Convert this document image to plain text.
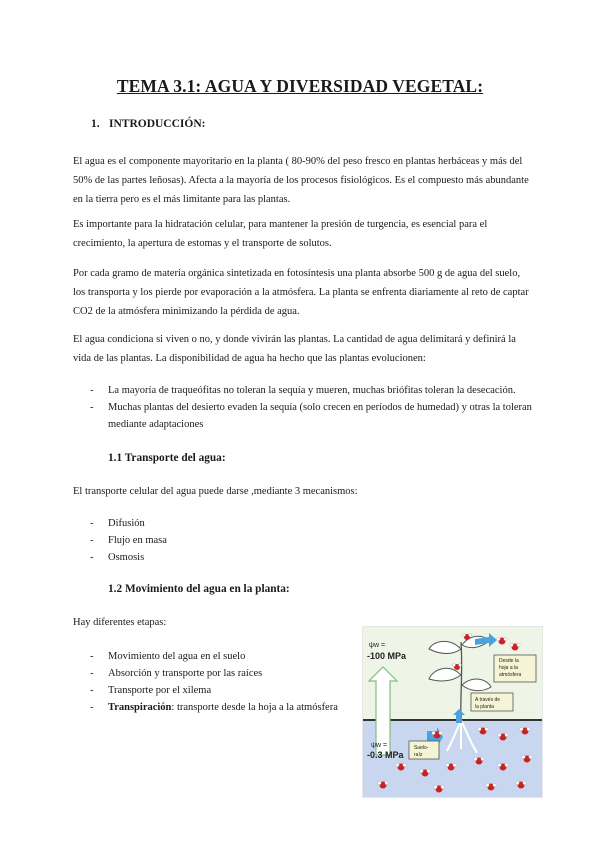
TEMA 3.1: AGUA Y DIVERSIDAD VEGETAL:
1. INTRODUCCIÓN:

El agua es el componente mayoritario en la planta ( 80-90% del peso fresco en plantas herbáceas y más del 50% de las partes leñosas). Afecta a la mayoría de los procesos fisiológicos. Es el compuesto más abundante en la tierra pero es el más limitante para las plantas.

Es importante para la hidratación celular, para mantener la presión de turgencia, es esencial para el crecimiento, la apertura de estomas y el transporte de solutos.

Por cada gramo de materia orgánica sintetizada en fotosíntesis una planta absorbe 500 g de agua del suelo, los transporta y los pierde por evaporación a la atmósfera. La planta se enfrenta diariamente al reto de captar CO2 de la atmósfera minimizando la pérdida de agua.

El agua condiciona si viven o no, y donde vivirán las plantas. La cantidad de agua delimitará y definirá la vida de las plantas. La disponibilidad de agua ha hecho que las plantas evolucionen:

- La mayoría de traqueófitas no toleran la sequía y mueren, muchas briófitas toleran la desecación.
- Muchas plantas del desierto evaden la sequía (solo crecen en períodos de humedad) y otras la toleran mediante adaptaciones
1.1 Transporte del agua:

El transporte celular del agua puede darse ,mediante 3 mecanismos:

- Difusión
- Flujo en masa
- Osmosis
1.2 Movimiento del agua en la planta:

Hay diferentes etapas:

- Movimiento del agua en el suelo
- Absorción y transporte por las raíces
- Transporte por el xilema
- Transpiración: transporte desde la hoja a la atmósfera
ψw =
-100 MPa
ψw =
-0.3 MPa
Desde la
hoja a la
atmósfera
A través de
la planta
Suelo-
raíz
